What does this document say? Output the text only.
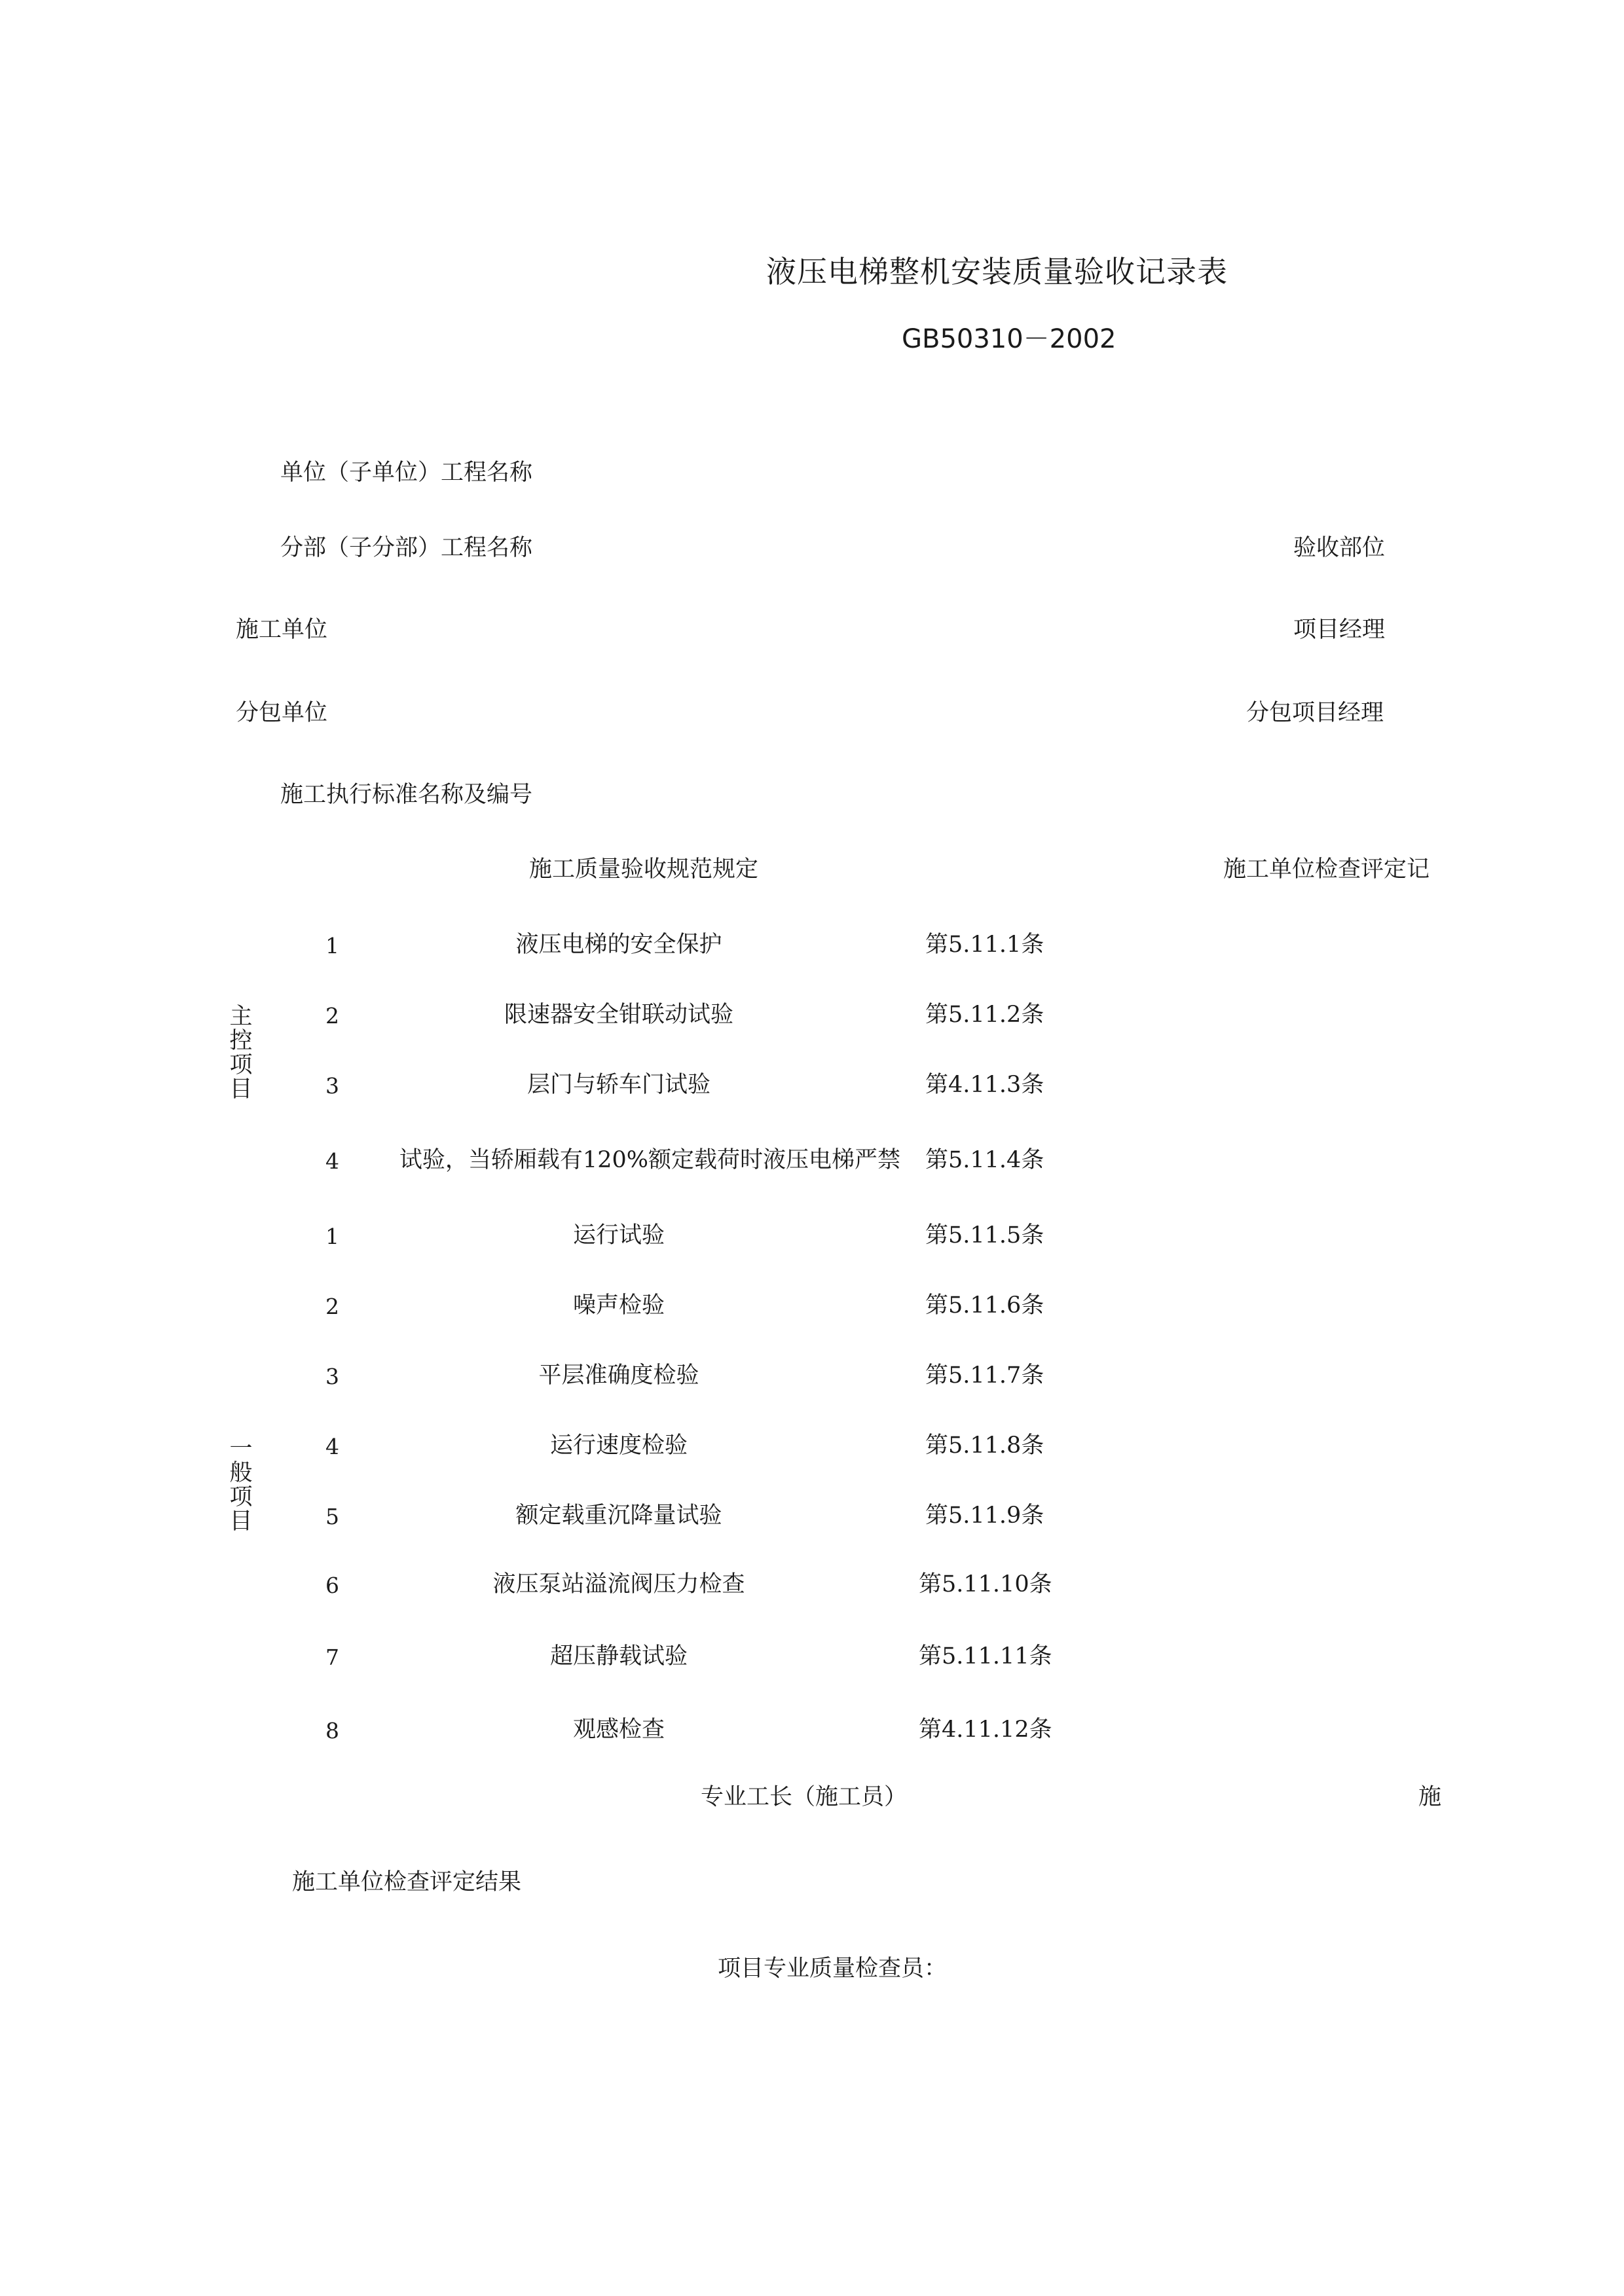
液压电梯整机安装质量验收记录表
GB50310－2002
单位（子单位）工程名称
分部（子分部）工程名称	验收部位
施工单位	项目经理
分包单位	分包项目经理
施工执行标准名称及编号
施工质量验收规范规定	施工单位检查评定记
主控项目
1	液压电梯的安全保护	第5.11.1条
2	限速器安全钳联动试验	第5.11.2条
3	层门与轿车门试验	第4.11.3条
4	试验，当轿厢载有120%额定载荷时液压电梯严禁 第5.11.4条
一般项目
1	运行试验	第5.11.5条
2	噪声检验	第5.11.6条
3	平层准确度检验	第5.11.7条
4	运行速度检验	第5.11.8条
5	额定载重沉降量试验	第5.11.9条
6	液压泵站溢流阀压力检查	第5.11.10条
7	超压静载试验	第5.11.11条
8	观感检查	第4.11.12条
专业工长（施工员）	施
施工单位检查评定结果
项目专业质量检查员：
